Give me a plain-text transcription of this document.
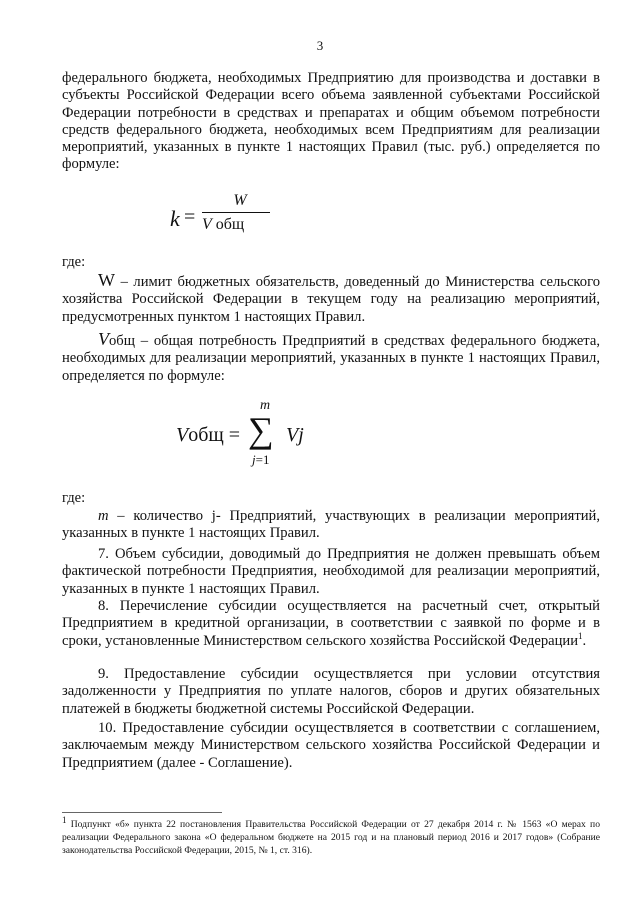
3
федерального бюджета, необходимых Предприятию для производства и доставки в субъекты Российской Федерации всего объема заявленной субъектами Российской Федерации потребности в средствах и препаратах и общим объемом потребности средств федерального бюджета, необходимых всем Предприятиям для реализации мероприятий, указанных в пункте 1 настоящих Правил (тыс. руб.) определяется по формуле:
k =
W
V общ
где:
W – лимит бюджетных обязательств, доведенный до Министерства сельского хозяйства Российской Федерации в текущем году на реализацию мероприятий, предусмотренных пунктом 1 настоящих Правил.
Vобщ – общая потребность Предприятий в средствах федерального бюджета, необходимых для реализации мероприятий, указанных в пункте 1 настоящих Правил, определяется по формуле:
Vобщ =
m
∑
j=1
Vj
где:
m – количество j- Предприятий, участвующих в реализации мероприятий, указанных в пункте 1 настоящих Правил.
7. Объем субсидии, доводимый до Предприятия не должен превышать объем фактической потребности Предприятия, необходимой для реализации мероприятий, указанных в пункте 1 настоящих Правил.
8. Перечисление субсидии осуществляется на расчетный счет, открытый Предприятием в кредитной организации, в соответствии с заявкой по форме и в сроки, установленные Министерством сельского хозяйства Российской Федерации$^1$.
9. Предоставление субсидии осуществляется при условии отсутствия задолженности у Предприятия по уплате налогов, сборов и других обязательных платежей в бюджеты бюджетной системы Российской Федерации.
10. Предоставление субсидии осуществляется в соответствии с соглашением, заключаемым между Министерством сельского хозяйства Российской Федерации и Предприятием (далее - Соглашение).
1 Подпункт «б» пункта 22 постановления Правительства Российской Федерации от 27 декабря 2014 г. № 1563 «О мерах по реализации Федерального закона «О федеральном бюджете на 2015 год и на плановый период 2016 и 2017 годов» (Собрание законодательства Российской Федерации, 2015, № 1, ст. 316).
